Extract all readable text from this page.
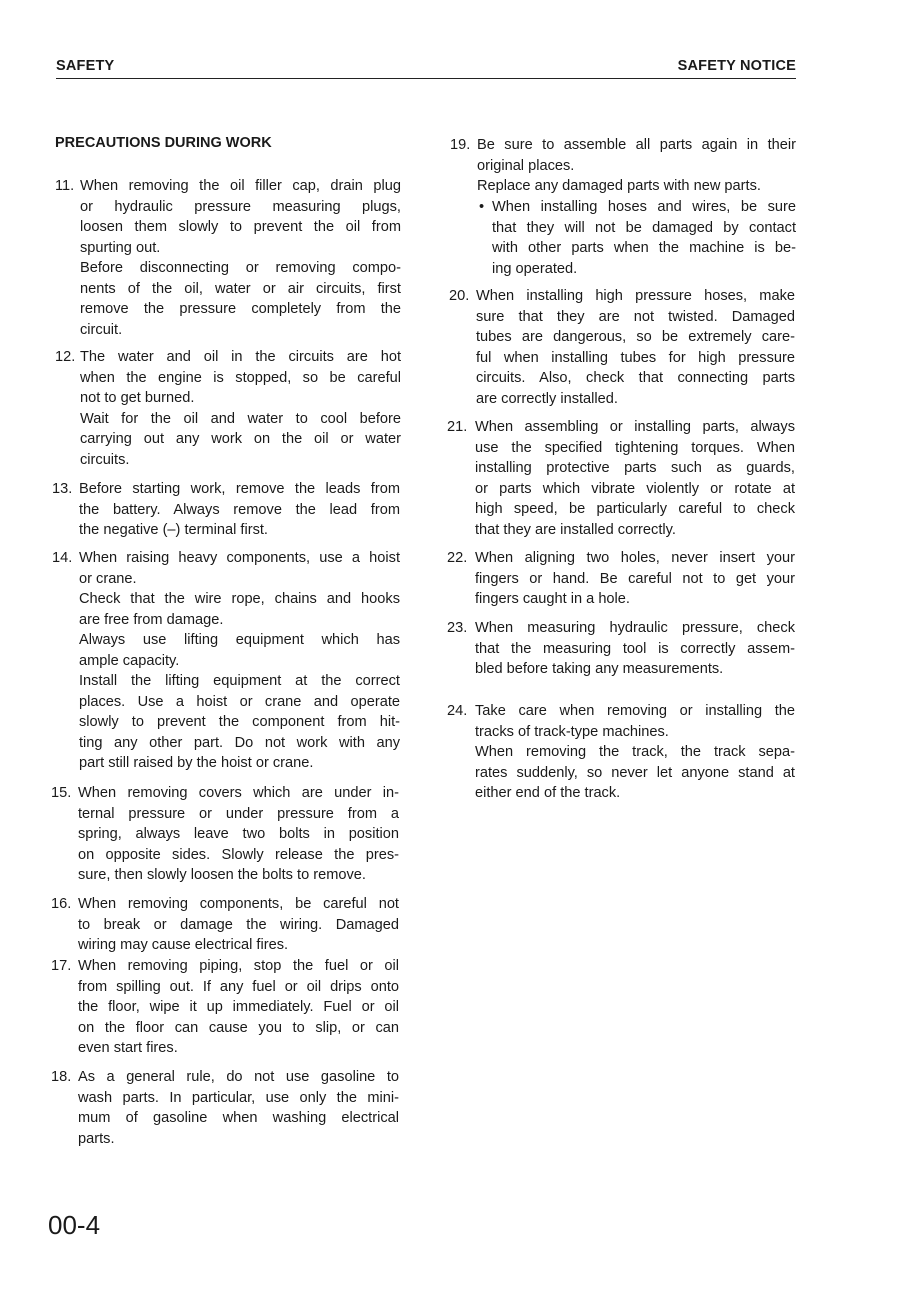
SAFETY	SAFETY NOTICE
PRECAUTIONS DURING WORK
11. When removing the oil filler cap, drain plug
or hydraulic pressure measuring plugs,
loosen them slowly to prevent the oil from
spurting out.
Before disconnecting or removing compo-
nents of the oil, water or air circuits, first
remove the pressure completely from the
circuit.
12. The water and oil in the circuits are hot
when the engine is stopped, so be careful
not to get burned.
Wait for the oil and water to cool before
carrying out any work on the oil or water
circuits.
13. Before starting work, remove the leads from
the battery. Always remove the lead from
the negative (–) terminal first.
14. When raising heavy components, use a hoist
or crane.
Check that the wire rope, chains and hooks
are free from damage.
Always use lifting equipment which has
ample capacity.
Install the lifting equipment at the correct
places. Use a hoist or crane and operate
slowly to prevent the component from hit-
ting any other part. Do not work with any
part still raised by the hoist or crane.
15. When removing covers which are under in-
ternal pressure or under pressure from a
spring, always leave two bolts in position
on opposite sides. Slowly release the pres-
sure, then slowly loosen the bolts to remove.
16. When removing components, be careful not
to break or damage the wiring. Damaged
wiring may cause electrical fires.
17. When removing piping, stop the fuel or oil
from spilling out. If any fuel or oil drips onto
the floor, wipe it up immediately. Fuel or oil
on the floor can cause you to slip, or can
even start fires.
18. As a general rule, do not use gasoline to
wash parts. In particular, use only the mini-
mum of gasoline when washing electrical
parts.
19. Be sure to assemble all parts again in their
original places.
Replace any damaged parts with new parts.
• When installing hoses and wires, be sure
that they will not be damaged by contact
with other parts when the machine is be-
ing operated.
20. When installing high pressure hoses, make
sure that they are not twisted. Damaged
tubes are dangerous, so be extremely care-
ful when installing tubes for high pressure
circuits. Also, check that connecting parts
are correctly installed.
21. When assembling or installing parts, always
use the specified tightening torques. When
installing protective parts such as guards,
or parts which vibrate violently or rotate at
high speed, be particularly careful to check
that they are installed correctly.
22. When aligning two holes, never insert your
fingers or hand. Be careful not to get your
fingers caught in a hole.
23. When measuring hydraulic pressure, check
that the measuring tool is correctly assem-
bled before taking any measurements.
24. Take care when removing or installing the
tracks of track-type machines.
When removing the track, the track sepa-
rates suddenly, so never let anyone stand at
either end of the track.
00-4
